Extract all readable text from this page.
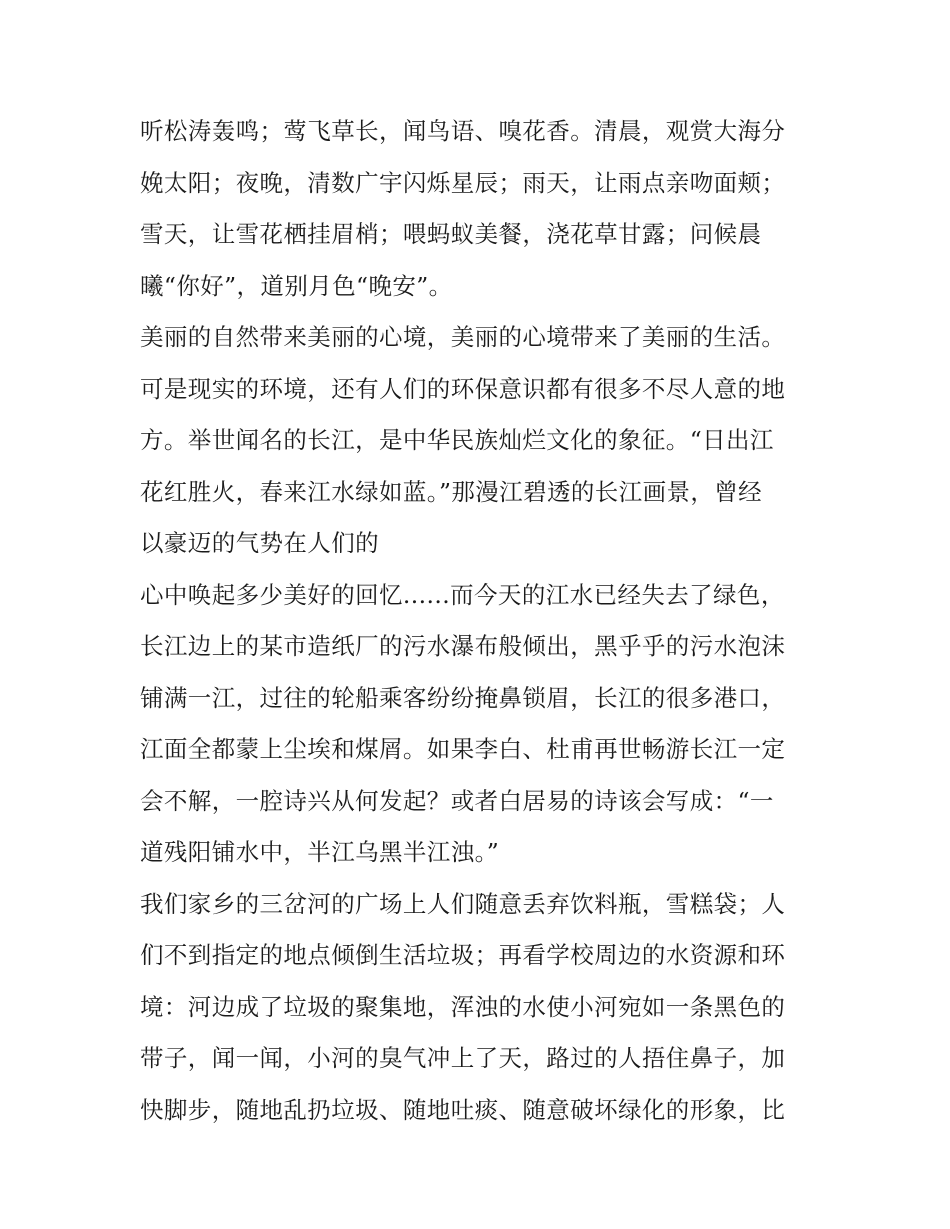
听松涛轰鸣；莺飞草长，闻鸟语、嗅花香。清晨，观赏大海分
娩太阳；夜晚，清数广宇闪烁星辰；雨天，让雨点亲吻面颊；
雪天，让雪花栖挂眉梢；喂蚂蚁美餐，浇花草甘露；问候晨
曦“你好”，道别月色“晚安”。
美丽的自然带来美丽的心境，美丽的心境带来了美丽的生活。
可是现实的环境，还有人们的环保意识都有很多不尽人意的地
方。举世闻名的长江，是中华民族灿烂文化的象征。“日出江
花红胜火，春来江水绿如蓝。”那漫江碧透的长江画景，曾经
以豪迈的气势在人们的
心中唤起多少美好的回忆......而今天的江水已经失去了绿色，
长江边上的某市造纸厂的污水瀑布般倾出，黑乎乎的污水泡沫
铺满一江，过往的轮船乘客纷纷掩鼻锁眉，长江的很多港口，
江面全都蒙上尘埃和煤屑。如果李白、杜甫再世畅游长江一定
会不解，一腔诗兴从何发起？或者白居易的诗该会写成：“一
道残阳铺水中，半江乌黑半江浊。”
我们家乡的三岔河的广场上人们随意丢弃饮料瓶，雪糕袋；人
们不到指定的地点倾倒生活垃圾；再看学校周边的水资源和环
境：河边成了垃圾的聚集地，浑浊的水使小河宛如一条黑色的
带子，闻一闻，小河的臭气冲上了天，路过的人捂住鼻子，加
快脚步，随地乱扔垃圾、随地吐痰、随意破坏绿化的形象，比
